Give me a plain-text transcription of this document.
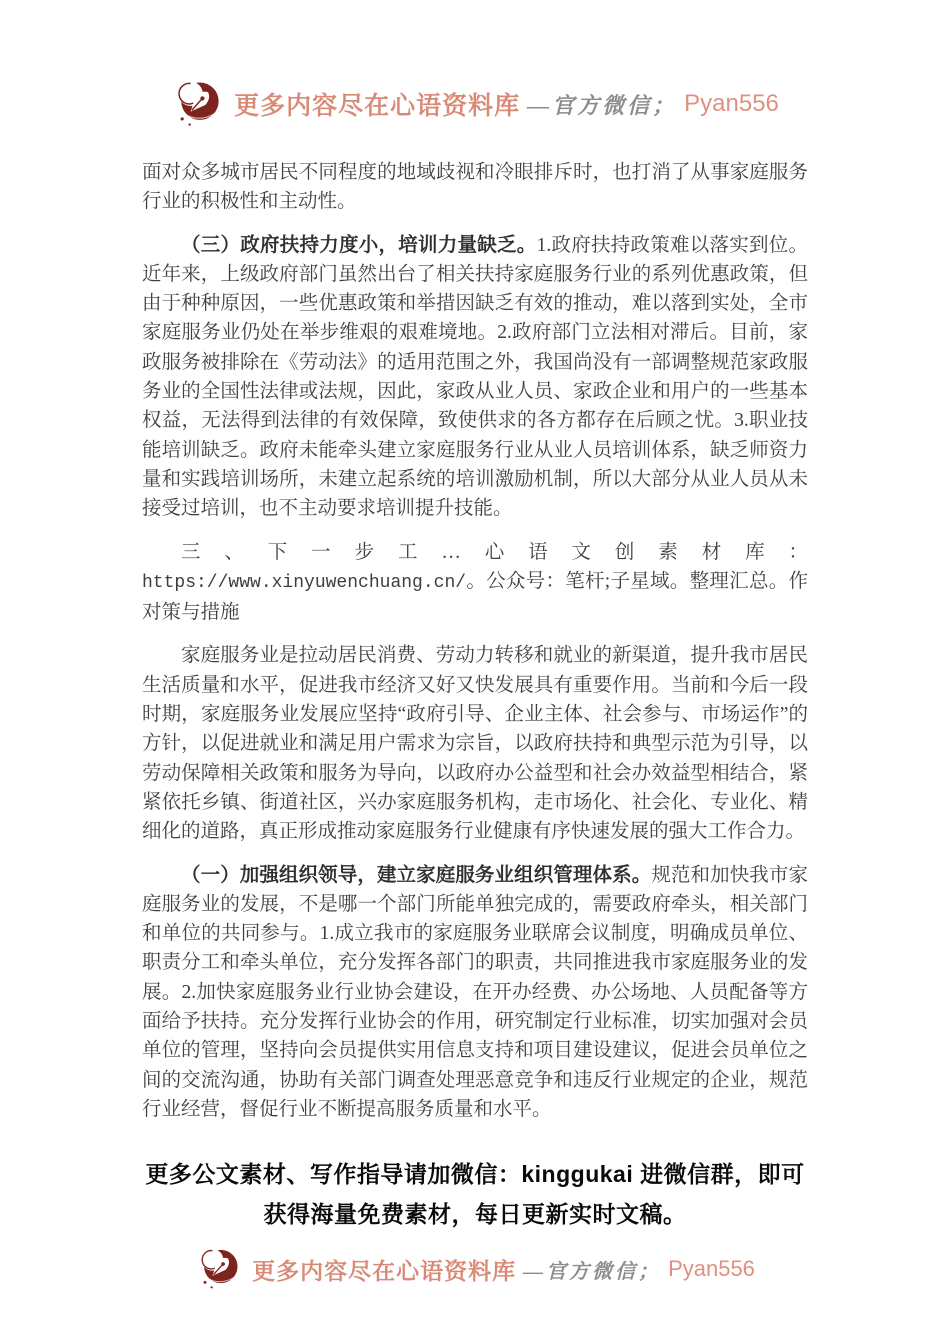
更多内容尽在心语资料库 —官方微信； Pyan556

面对众多城市居民不同程度的地域歧视和冷眼排斥时，也打消了从事家庭服务行业的积极性和主动性。

（三）政府扶持力度小，培训力量缺乏。1.政府扶持政策难以落实到位。近年来，上级政府部门虽然出台了相关扶持家庭服务行业的系列优惠政策，但由于种种原因，一些优惠政策和举措因缺乏有效的推动，难以落到实处，全市家庭服务业仍处在举步维艰的艰难境地。2.政府部门立法相对滞后。目前，家政服务被排除在《劳动法》的适用范围之外，我国尚没有一部调整规范家政服务业的全国性法律或法规，因此，家政从业人员、家政企业和用户的一些基本权益，无法得到法律的有效保障，致使供求的各方都存在后顾之忧。3.职业技能培训缺乏。政府未能牵头建立家庭服务行业从业人员培训体系，缺乏师资力量和实践培训场所，未建立起系统的培训激励机制，所以大部分从业人员从未接受过培训，也不主动要求培训提升技能。

三、下一步工…心语文创素材库：https://www.xinyuwenchuang.cn/。公众号：笔杆;子星域。整理汇总。作对策与措施

家庭服务业是拉动居民消费、劳动力转移和就业的新渠道，提升我市居民生活质量和水平，促进我市经济又好又快发展具有重要作用。当前和今后一段时期，家庭服务业发展应坚持“政府引导、企业主体、社会参与、市场运作”的方针，以促进就业和满足用户需求为宗旨，以政府扶持和典型示范为引导，以劳动保障相关政策和服务为导向，以政府办公益型和社会办效益型相结合，紧紧依托乡镇、街道社区，兴办家庭服务机构，走市场化、社会化、专业化、精细化的道路，真正形成推动家庭服务行业健康有序快速发展的强大工作合力。

（一）加强组织领导，建立家庭服务业组织管理体系。规范和加快我市家庭服务业的发展，不是哪一个部门所能单独完成的，需要政府牵头，相关部门和单位的共同参与。1.成立我市的家庭服务业联席会议制度，明确成员单位、职责分工和牵头单位，充分发挥各部门的职责，共同推进我市家庭服务业的发展。2.加快家庭服务业行业协会建设，在开办经费、办公场地、人员配备等方面给予扶持。充分发挥行业协会的作用，研究制定行业标准，切实加强对会员单位的管理，坚持向会员提供实用信息支持和项目建设建议，促进会员单位之间的交流沟通，协助有关部门调查处理恶意竞争和违反行业规定的企业，规范行业经营，督促行业不断提高服务质量和水平。

更多公文素材、写作指导请加微信：kinggukai 进微信群，即可
获得海量免费素材，每日更新实时文稿。
更多内容尽在心语资料库 —官方微信； Pyan556
